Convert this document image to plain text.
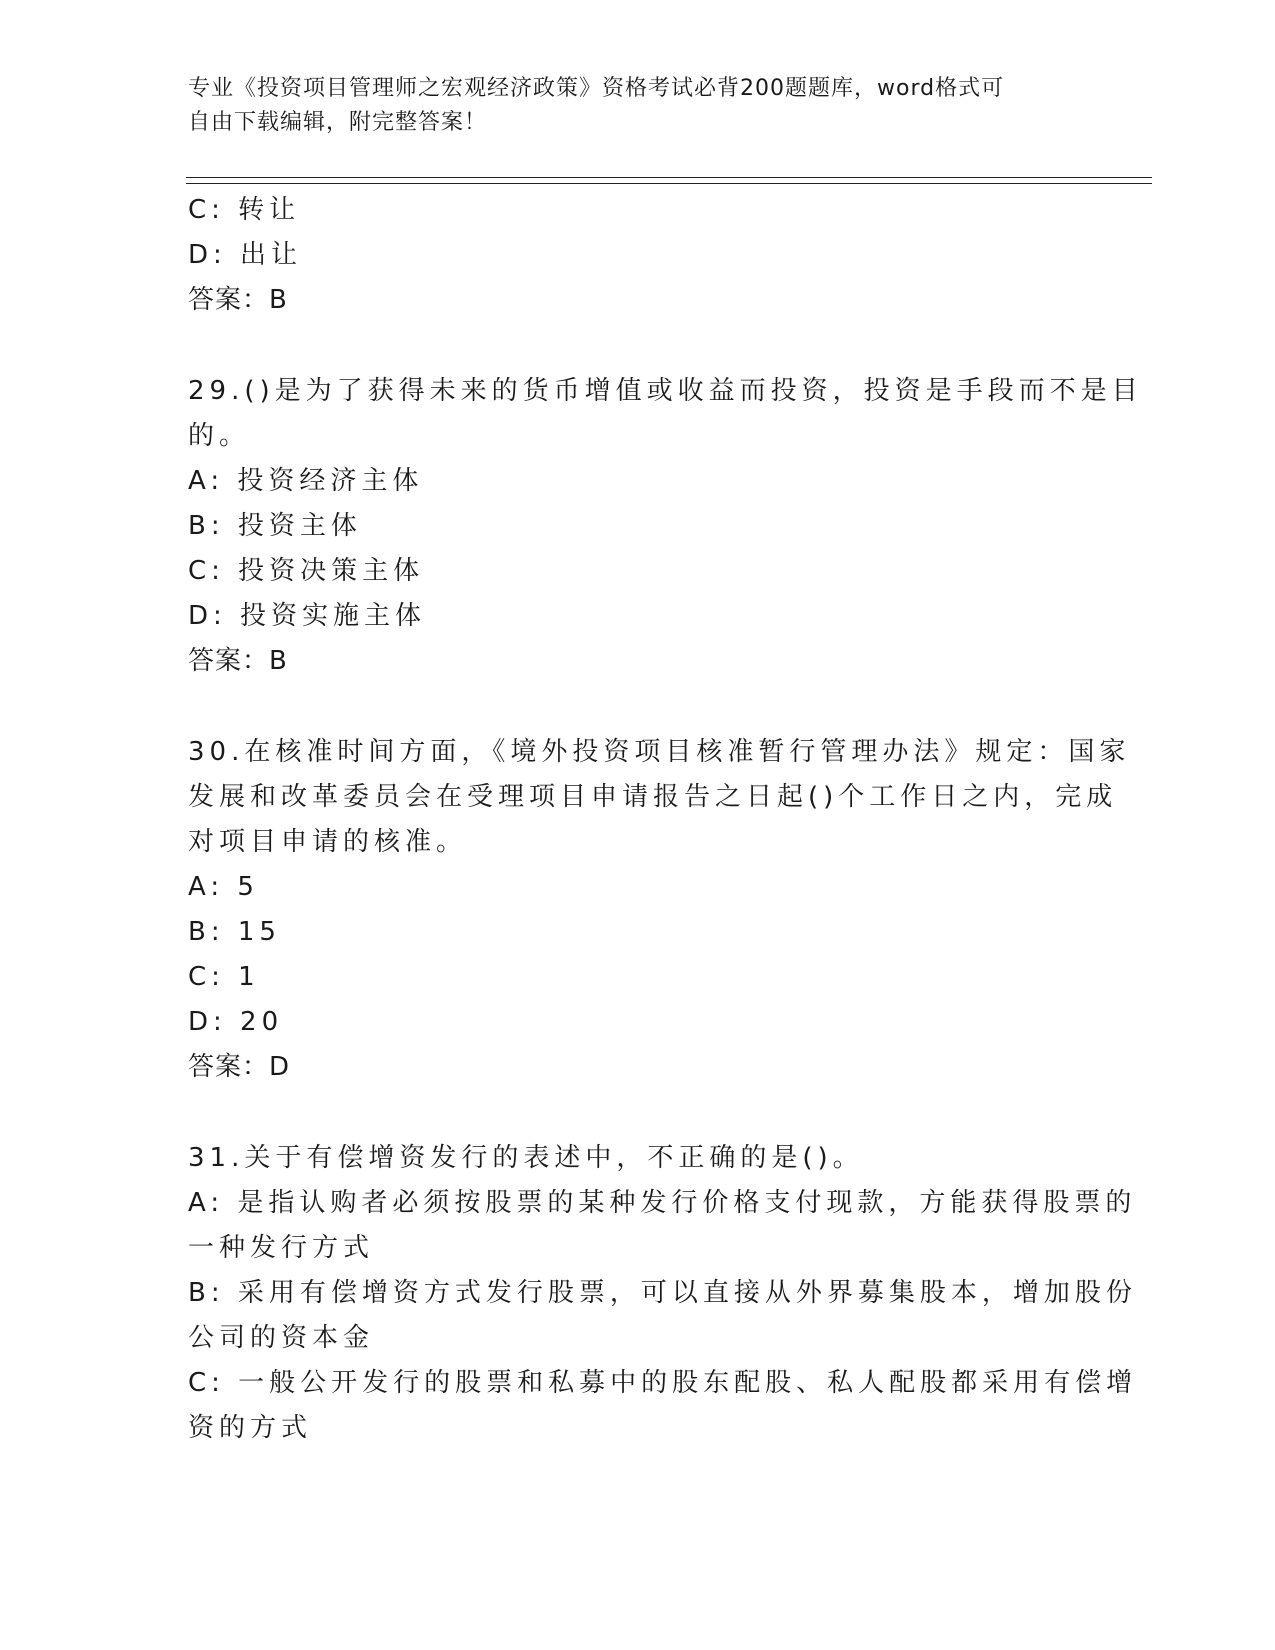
专业《投资项目管理师之宏观经济政策》资格考试必背200题题库，word格式可
自由下载编辑，附完整答案！
C: 转让
D: 出让
答案：B
29.()是为了获得未来的货币增值或收益而投资，投资是手段而不是目
的。
A: 投资经济主体
B: 投资主体
C: 投资决策主体
D: 投资实施主体
答案：B
30.在核准时间方面，《境外投资项目核准暂行管理办法》规定：国家
发展和改革委员会在受理项目申请报告之日起()个工作日之内，完成
对项目申请的核准。
A: 5
B: 15
C: 1
D: 20
答案：D
31.关于有偿增资发行的表述中，不正确的是()。
A: 是指认购者必须按股票的某种发行价格支付现款，方能获得股票的
一种发行方式
B: 采用有偿增资方式发行股票，可以直接从外界募集股本，增加股份
公司的资本金
C: 一般公开发行的股票和私募中的股东配股、私人配股都采用有偿增
资的方式
